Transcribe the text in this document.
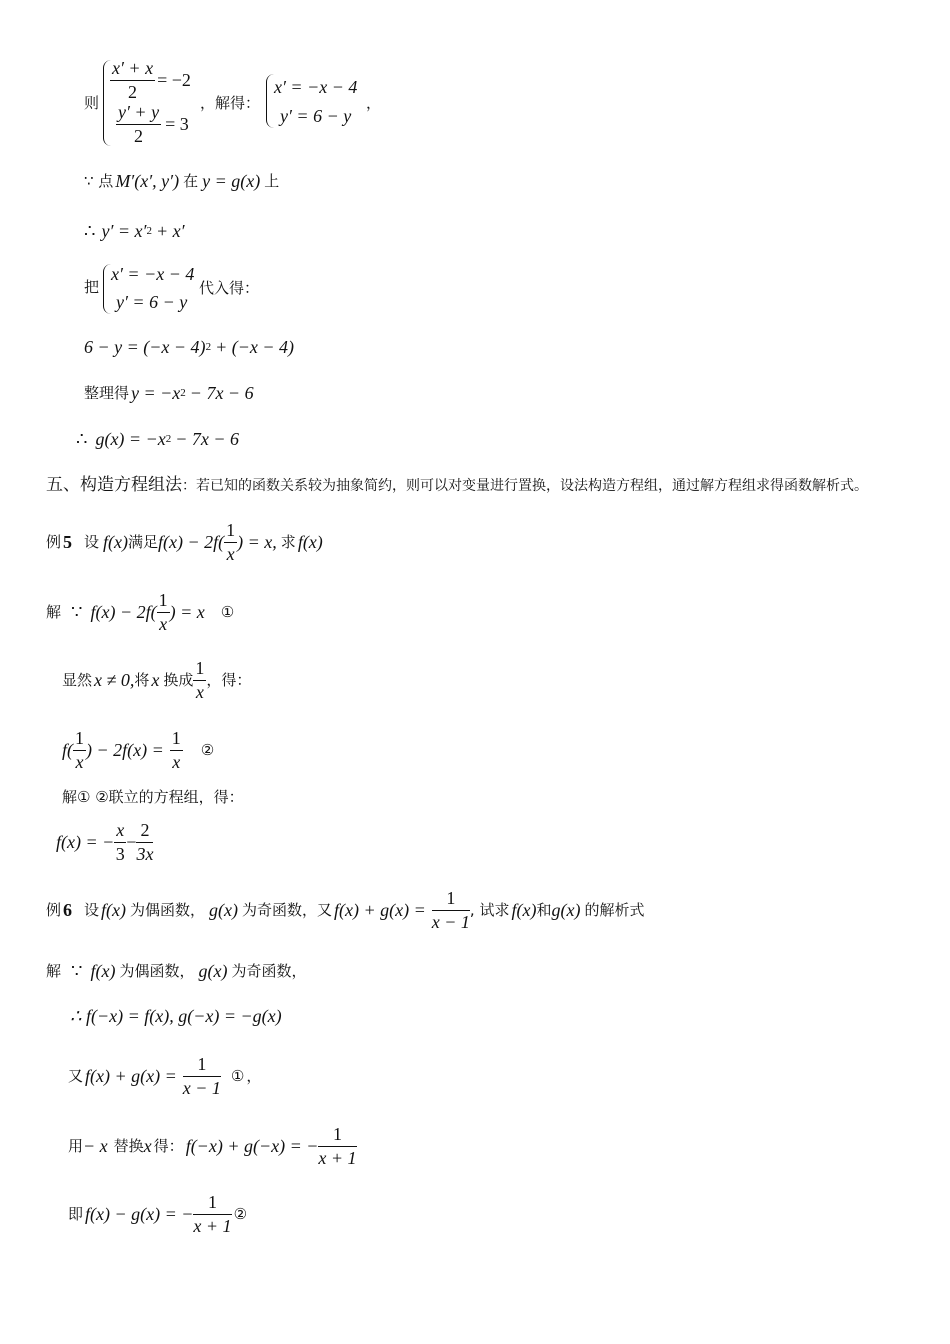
则
$\frac{x' + x}{2} = -2$
$\frac{y' + y}{2} = 3$
，解得：
x′ = −x − 4
y′ = 6 − y
，
∵ 点 M′(x′, y′) 在 y = g(x) 上
∴ y′ = x′ 2 + x′
把
x′ = −x − 4
y′ = 6 − y
代入得：
6 − y = (−x − 4) 2 + (−x − 4)
整理得 y = −x 2 − 7x − 6
∴ g(x) = −x 2 − 7x − 6
五、构造方程组法 ：若已知的函数关系较为抽象简约，则可以对变量进行置换，设法构造方程组，通过解方程组求得函数解析式。
例 5 设 f(x) 满足 $f(x) - 2f( \frac{1}{x}$ ) = x, 求 f(x)
解 ∵ $f(x) - 2f( \frac{1}{x}$ ) = x ①
显然 x ≠ 0, 将 x 换成 $\frac{1}{x}$ ，得：
$f( \frac{1}{x}$ ) − $2f(x) = \frac{1}{x}$ ②
解① ②联立的方程组，得：
f(x) = − $\frac{x}{3} - \frac{2}{3x}$
例 6 设 f(x) 为偶函数， g(x) 为奇函数，又 $f(x) + g(x) = \frac{1}{x - 1}$ , 试求 f(x) 和 g(x) 的解析式
解 ∵ f(x) 为偶函数， g(x) 为奇函数，
∴ f(−x) = f(x), g(−x) = −g(x)
又 $f(x) + g(x) = \frac{1}{x - 1}$ ① ，
用 − x 替换 x 得： f(−x) + g(−x) = − $\frac{1}{x + 1}$
即 f(x) − g(x) = − $\frac{1}{x + 1}$ ②
